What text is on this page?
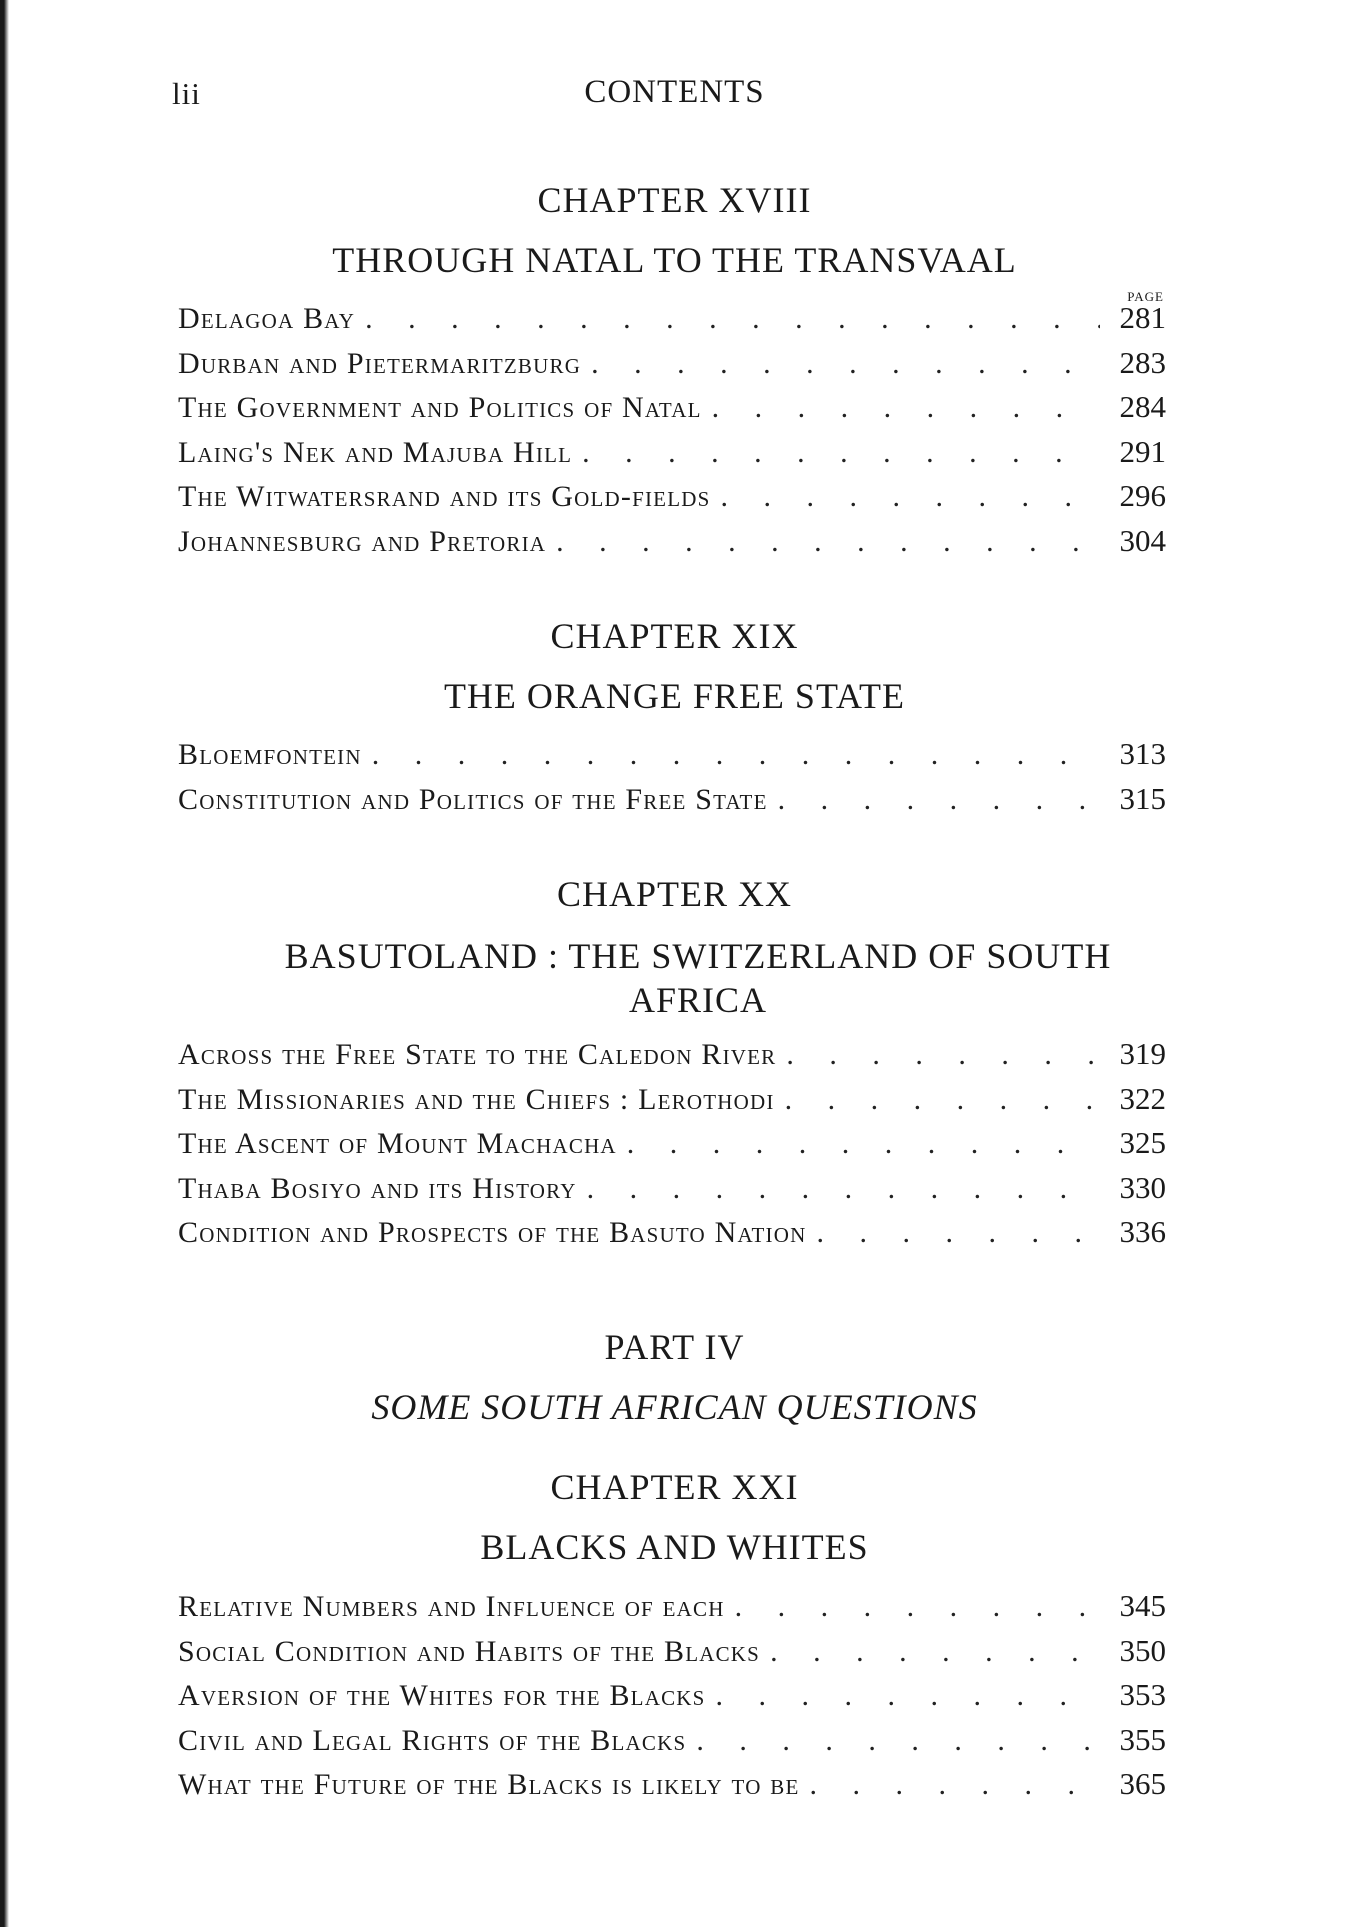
lii	CONTENTS
CHAPTER XVIII
THROUGH NATAL TO THE TRANSVAAL
PAGE
Delagoa Bay . . .	281
Durban and Pietermaritzburg . . .	283
The Government and Politics of Natal . . .	284
Laing's Nek and Majuba Hill . . .	291
The Witwatersrand and its Gold-fields . . .	296
Johannesburg and Pretoria . . .	304
CHAPTER XIX
THE ORANGE FREE STATE
Bloemfontein . . .	313
Constitution and Politics of the Free State . . .	315
CHAPTER XX
BASUTOLAND : THE SWITZERLAND OF SOUTH AFRICA
Across the Free State to the Caledon River . . .	319
The Missionaries and the Chiefs : Lerothodi . . .	322
The Ascent of Mount Machacha . . .	325
Thaba Bosiyo and its History . . .	330
Condition and Prospects of the Basuto Nation . . .	336
PART IV
SOME SOUTH AFRICAN QUESTIONS
CHAPTER XXI
BLACKS AND WHITES
Relative Numbers and Influence of each . . .	345
Social Condition and Habits of the Blacks . . .	350
Aversion of the Whites for the Blacks . . .	353
Civil and Legal Rights of the Blacks . . .	355
What the Future of the Blacks is likely to be . . .	365
